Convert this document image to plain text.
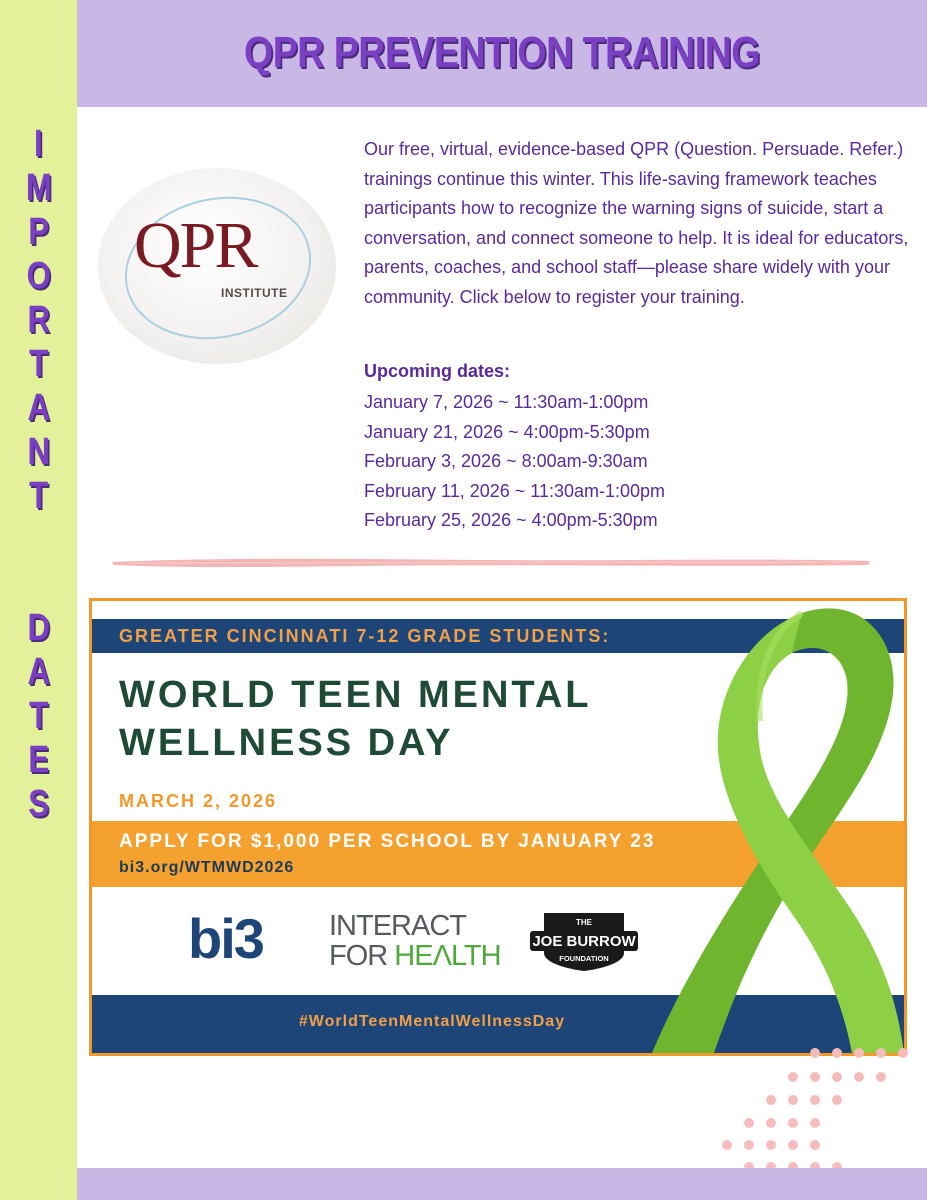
I
M
P
O
R
T
A
N
T
D
A
T
E
S
QPR PREVENTION TRAINING
QPR
INSTITUTE

Our free, virtual, evidence-based QPR (Question. Persuade. Refer.) trainings continue this winter. This life-saving framework teaches participants how to recognize the warning signs of suicide, start a conversation, and connect someone to help. It is ideal for educators, parents, coaches, and school staff—please share widely with your community. Click below to register your training.

Upcoming dates:
January 7, 2026 ~ 11:30am-1:00pm
January 21, 2026 ~ 4:00pm-5:30pm
February 3, 2026 ~ 8:00am-9:30am
February 11, 2026 ~ 11:30am-1:00pm
February 25, 2026 ~ 4:00pm-5:30pm
GREATER CINCINNATI 7-12 GRADE STUDENTS:
WORLD TEEN MENTAL
WELLNESS DAY
MARCH 2, 2026
APPLY FOR $1,000 PER SCHOOL BY JANUARY 23
bi3.org/WTMWD2026
bi3 INTERACT
FOR HEΛLTH
THE
JOE BURROW
FOUNDATION
#WorldTeenMentalWellnessDay
